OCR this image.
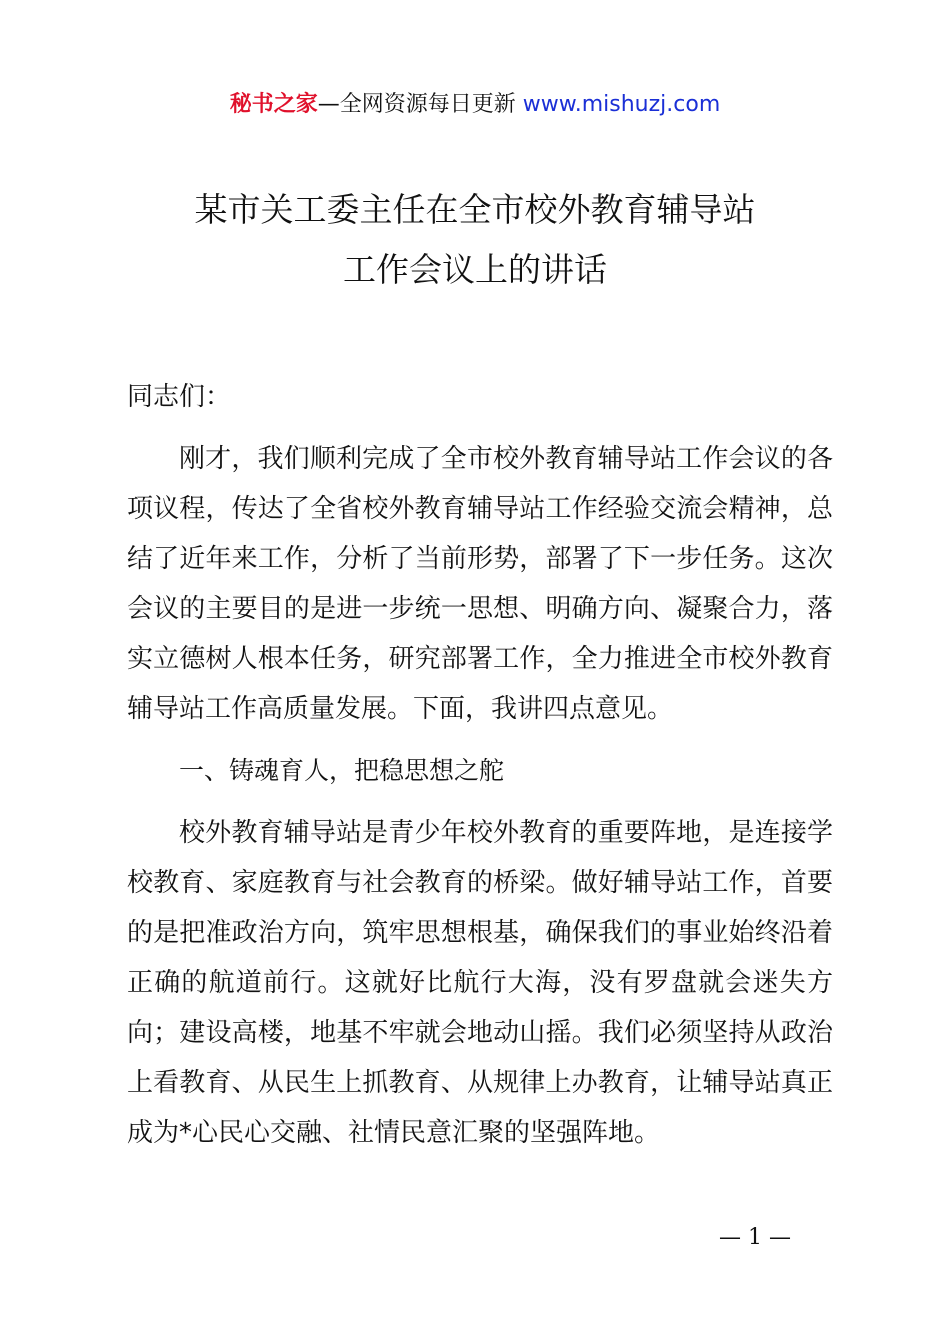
秘书之家—全网资源每日更新 www.mishuzj.com
某市关工委主任在全市校外教育辅导站
工作会议上的讲话

同志们：

刚才，我们顺利完成了全市校外教育辅导站工作会议的各项议程，传达了全省校外教育辅导站工作经验交流会精神，总结了近年来工作，分析了当前形势，部署了下一步任务。这次会议的主要目的是进一步统一思想、明确方向、凝聚合力，落实立德树人根本任务，研究部署工作，全力推进全市校外教育辅导站工作高质量发展。下面，我讲四点意见。

一、铸魂育人，把稳思想之舵

校外教育辅导站是青少年校外教育的重要阵地，是连接学校教育、家庭教育与社会教育的桥梁。做好辅导站工作，首要的是把准政治方向，筑牢思想根基，确保我们的事业始终沿着正确的航道前行。这就好比航行大海，没有罗盘就会迷失方向；建设高楼，地基不牢就会地动山摇。我们必须坚持从政治上看教育、从民生上抓教育、从规律上办教育，让辅导站真正成为*心民心交融、社情民意汇聚的坚强阵地。

— 1 —
